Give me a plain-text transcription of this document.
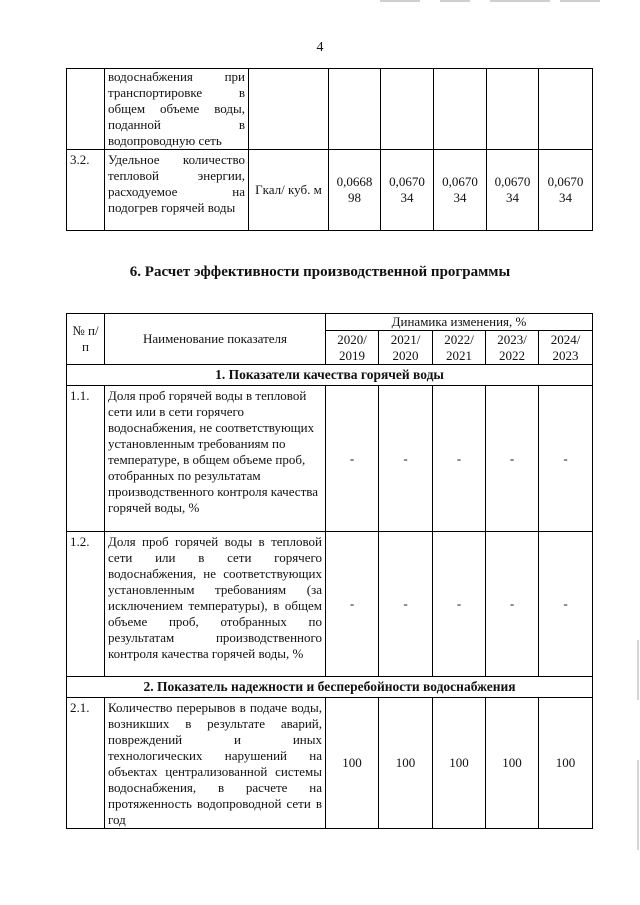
4
	водоснабжения при транспортировке в общем объеме воды, поданной в водопроводную сеть						
3.2.	Удельное количество тепловой энергии, расходуемое на подогрев горячей воды	Гкал/ куб. м	0,0668 98	0,0670 34	0,0670 34	0,0670 34	0,0670 34
6. Расчет эффективности производственной программы
№ п/п	Наименование показателя	Динамика изменения, %				
		2020/ 2019	2021/ 2020	2022/ 2021	2023/ 2022	2024/ 2023
1. Показатели качества горячей воды						
1.1.	Доля проб горячей воды в тепловой сети или в сети горячего водоснабжения, не соответствующих установленным требованиям по температуре, в общем объеме проб, отобранных по результатам производственного контроля качества горячей воды, %	-	-	-	-	-
1.2.	Доля проб горячей воды в тепловой сети или в сети горячего водоснабжения, не соответствующих установленным требованиям (за исключением температуры), в общем объеме проб, отобранных по результатам производственного контроля качества горячей воды, %	-	-	-	-	-
2. Показатель надежности и бесперебойности водоснабжения						
2.1.	Количество перерывов в подаче воды, возникших в результате аварий, повреждений и иных технологических нарушений на объектах централизованной системы водоснабжения, в расчете на протяженность водопроводной сети в год	100	100	100	100	100
